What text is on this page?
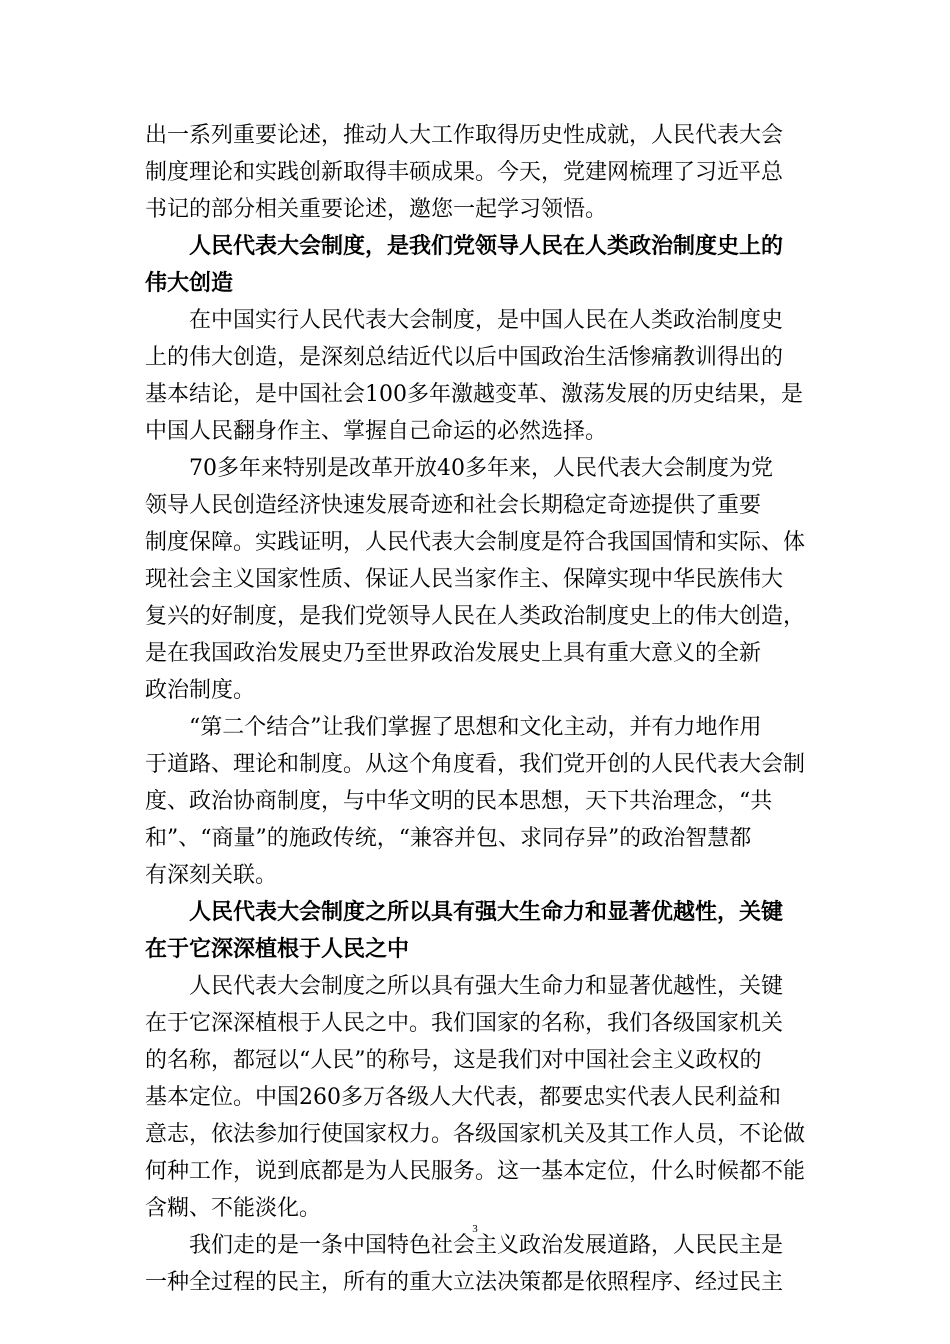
出一系列重要论述，推动人大工作取得历史性成就，人民代表大会
制度理论和实践创新取得丰硕成果。今天，党建网梳理了习近平总
书记的部分相关重要论述，邀您一起学习领悟。
人民代表大会制度，是我们党领导人民在人类政治制度史上的
伟大创造
在中国实行人民代表大会制度，是中国人民在人类政治制度史
上的伟大创造，是深刻总结近代以后中国政治生活惨痛教训得出的
基本结论，是中国社会100多年激越变革、激荡发展的历史结果，是
中国人民翻身作主、掌握自己命运的必然选择。
70多年来特别是改革开放40多年来，人民代表大会制度为党
领导人民创造经济快速发展奇迹和社会长期稳定奇迹提供了重要
制度保障。实践证明，人民代表大会制度是符合我国国情和实际、体
现社会主义国家性质、保证人民当家作主、保障实现中华民族伟大
复兴的好制度，是我们党领导人民在人类政治制度史上的伟大创造，
是在我国政治发展史乃至世界政治发展史上具有重大意义的全新
政治制度。
“第二个结合”让我们掌握了思想和文化主动，并有力地作用
于道路、理论和制度。从这个角度看，我们党开创的人民代表大会制
度、政治协商制度，与中华文明的民本思想，天下共治理念，“共
和”、“商量”的施政传统，“兼容并包、求同存异”的政治智慧都
有深刻关联。
人民代表大会制度之所以具有强大生命力和显著优越性，关键
在于它深深植根于人民之中
人民代表大会制度之所以具有强大生命力和显著优越性，关键
在于它深深植根于人民之中。我们国家的名称，我们各级国家机关
的名称，都冠以“人民”的称号，这是我们对中国社会主义政权的
基本定位。中国260多万各级人大代表，都要忠实代表人民利益和
意志，依法参加行使国家权力。各级国家机关及其工作人员，不论做
何种工作，说到底都是为人民服务。这一基本定位，什么时候都不能
含糊、不能淡化。
我们走的是一条中国特色社会主义政治发展道路，人民民主是
一种全过程的民主，所有的重大立法决策都是依照程序、经过民主
3
